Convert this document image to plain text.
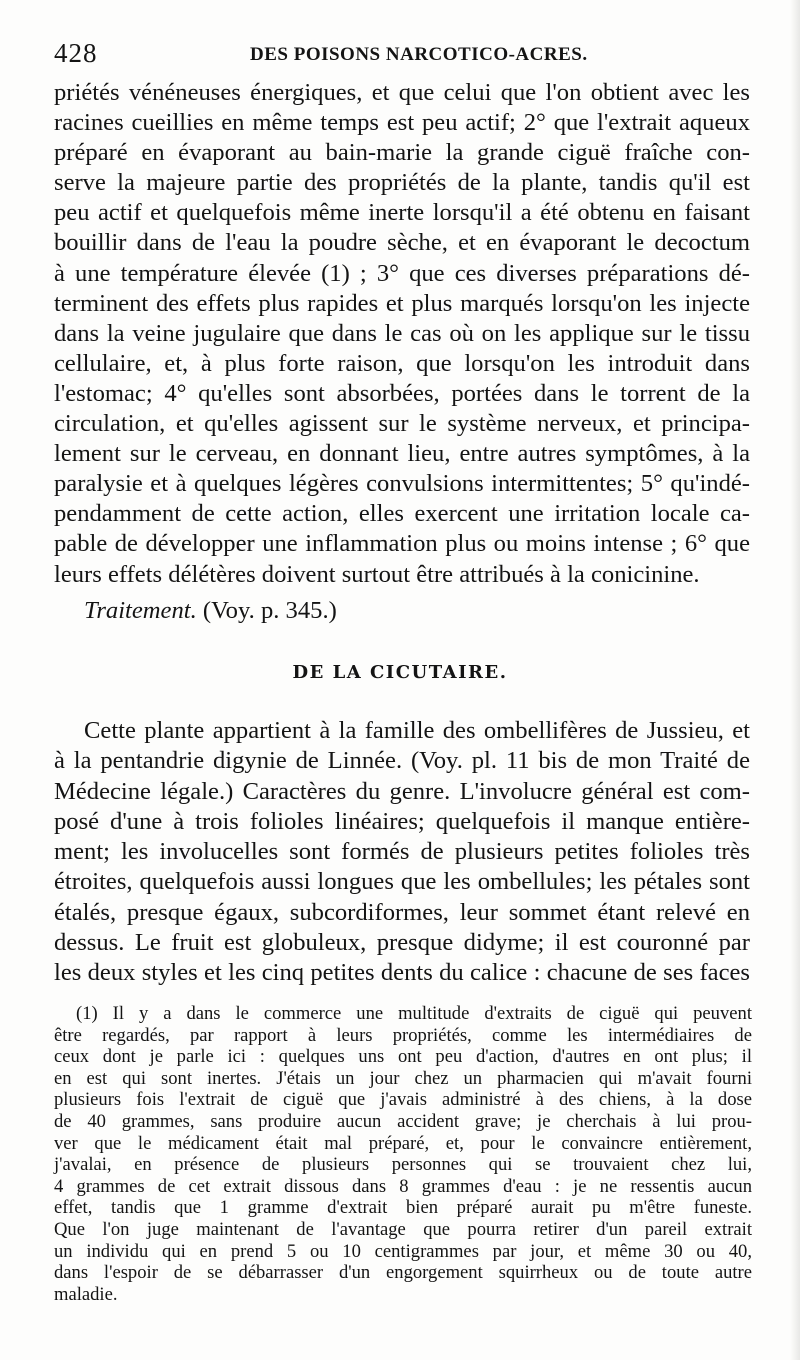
428	DES POISONS NARCOTICO-ACRES.
priétés vénéneuses énergiques, et que celui que l'on obtient avec les
racines cueillies en même temps est peu actif; 2° que l'extrait aqueux
préparé en évaporant au bain-marie la grande ciguë fraîche con-
serve la majeure partie des propriétés de la plante, tandis qu'il est
peu actif et quelquefois même inerte lorsqu'il a été obtenu en faisant
bouillir dans de l'eau la poudre sèche, et en évaporant le decoctum
à une température élevée (1) ; 3° que ces diverses préparations dé-
terminent des effets plus rapides et plus marqués lorsqu'on les injecte
dans la veine jugulaire que dans le cas où on les applique sur le tissu
cellulaire, et, à plus forte raison, que lorsqu'on les introduit dans
l'estomac; 4° qu'elles sont absorbées, portées dans le torrent de la
circulation, et qu'elles agissent sur le système nerveux, et principa-
lement sur le cerveau, en donnant lieu, entre autres symptômes, à la
paralysie et à quelques légères convulsions intermittentes; 5° qu'indé-
pendamment de cette action, elles exercent une irritation locale ca-
pable de développer une inflammation plus ou moins intense ; 6° que
leurs effets délétères doivent surtout être attribués à la conicinine.
Traitement. (Voy. p. 345.)
DE LA CICUTAIRE.
Cette plante appartient à la famille des ombellifères de Jussieu, et
à la pentandrie digynie de Linnée. (Voy. pl. 11 bis de mon Traité de
Médecine légale.) Caractères du genre. L'involucre général est com-
posé d'une à trois folioles linéaires; quelquefois il manque entière-
ment; les involucelles sont formés de plusieurs petites folioles très
étroites, quelquefois aussi longues que les ombellules; les pétales sont
étalés, presque égaux, subcordiformes, leur sommet étant relevé en
dessus. Le fruit est globuleux, presque didyme; il est couronné par
les deux styles et les cinq petites dents du calice : chacune de ses faces
(1) Il y a dans le commerce une multitude d'extraits de ciguë qui peuvent
être regardés, par rapport à leurs propriétés, comme les intermédiaires de
ceux dont je parle ici : quelques uns ont peu d'action, d'autres en ont plus; il
en est qui sont inertes. J'étais un jour chez un pharmacien qui m'avait fourni
plusieurs fois l'extrait de ciguë que j'avais administré à des chiens, à la dose
de 40 grammes, sans produire aucun accident grave; je cherchais à lui prou-
ver que le médicament était mal préparé, et, pour le convaincre entièrement,
j'avalai, en présence de plusieurs personnes qui se trouvaient chez lui,
4 grammes de cet extrait dissous dans 8 grammes d'eau : je ne ressentis aucun
effet, tandis que 1 gramme d'extrait bien préparé aurait pu m'être funeste.
Que l'on juge maintenant de l'avantage que pourra retirer d'un pareil extrait
un individu qui en prend 5 ou 10 centigrammes par jour, et même 30 ou 40,
dans l'espoir de se débarrasser d'un engorgement squirrheux ou de toute autre
maladie.
